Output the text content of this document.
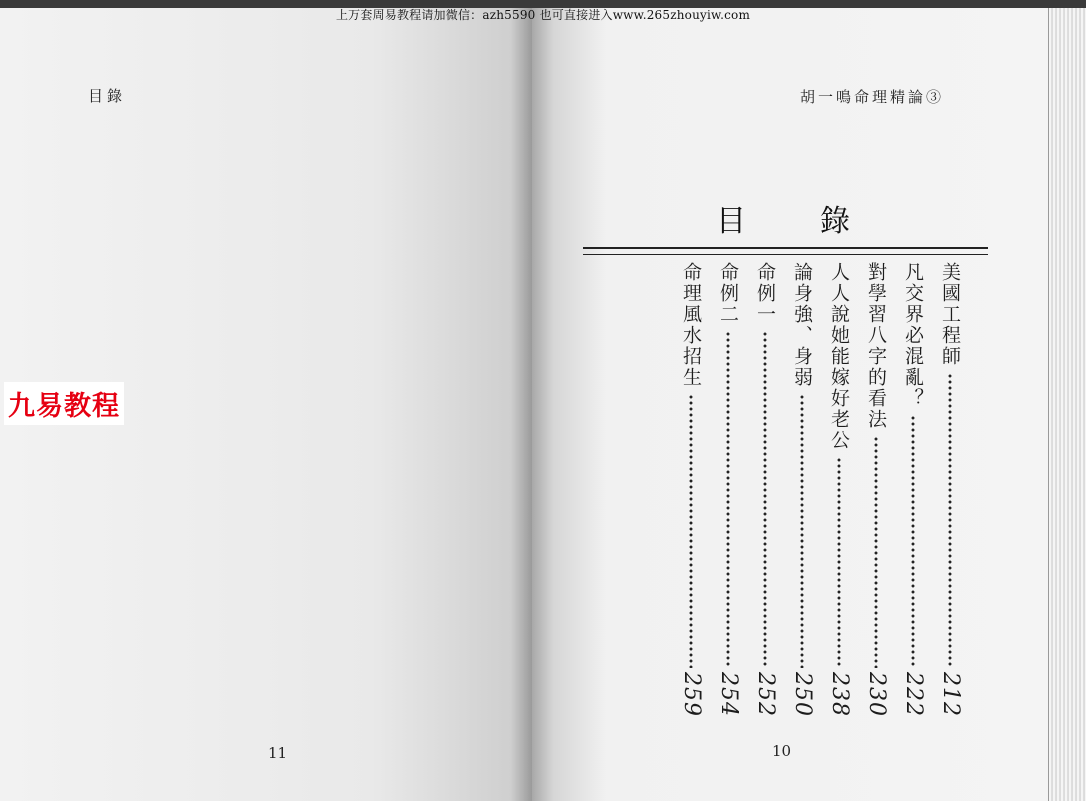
上万套周易教程请加微信：azh5590 也可直接进入www.265zhouyiw.com
目錄	胡一鳴命理精論③
九易教程
目錄
美國工程師
212
凡交界必混亂？
222
對學習八字的看法
230
人人說她能嫁好老公
238
論身強、身弱
250
命例一
252
命例二
254
命理風水招生
259
11	10
